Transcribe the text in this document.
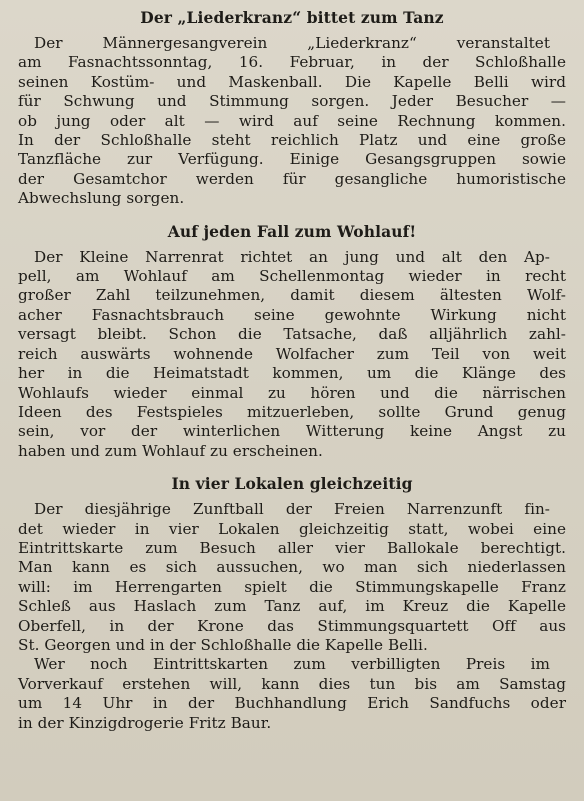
Der „Liederkranz“ bittet zum Tanz

Der Männergesangverein „Liederkranz“ veranstaltet
am Fasnachtssonntag, 16. Februar, in der Schloßhalle
seinen Kostüm- und Maskenball. Die Kapelle Belli wird
für Schwung und Stimmung sorgen. Jeder Besucher —
ob jung oder alt — wird auf seine Rechnung kommen.
In der Schloßhalle steht reichlich Platz und eine große
Tanzfläche zur Verfügung. Einige Gesangsgruppen sowie
der Gesamtchor werden für gesangliche humoristische
Abwechslung sorgen.

Auf jeden Fall zum Wohlauf!

Der Kleine Narrenrat richtet an jung und alt den Ap-
pell, am Wohlauf am Schellenmontag wieder in recht
großer Zahl teilzunehmen, damit diesem ältesten Wolf-
acher Fasnachtsbrauch seine gewohnte Wirkung nicht
versagt bleibt. Schon die Tatsache, daß alljährlich zahl-
reich auswärts wohnende Wolfacher zum Teil von weit
her in die Heimatstadt kommen, um die Klänge des
Wohlaufs wieder einmal zu hören und die närrischen
Ideen des Festspieles mitzuerleben, sollte Grund genug
sein, vor der winterlichen Witterung keine Angst zu
haben und zum Wohlauf zu erscheinen.

In vier Lokalen gleichzeitig

Der diesjährige Zunftball der Freien Narrenzunft fin-
det wieder in vier Lokalen gleichzeitig statt, wobei eine
Eintrittskarte zum Besuch aller vier Ballokale berechtigt.
Man kann es sich aussuchen, wo man sich niederlassen
will: im Herrengarten spielt die Stimmungskapelle Franz
Schleß aus Haslach zum Tanz auf, im Kreuz die Kapelle
Oberfell, in der Krone das Stimmungsquartett Off aus
St. Georgen und in der Schloßhalle die Kapelle Belli.

Wer noch Eintrittskarten zum verbilligten Preis im
Vorverkauf erstehen will, kann dies tun bis am Samstag
um 14 Uhr in der Buchhandlung Erich Sandfuchs oder
in der Kinzigdrogerie Fritz Baur.
